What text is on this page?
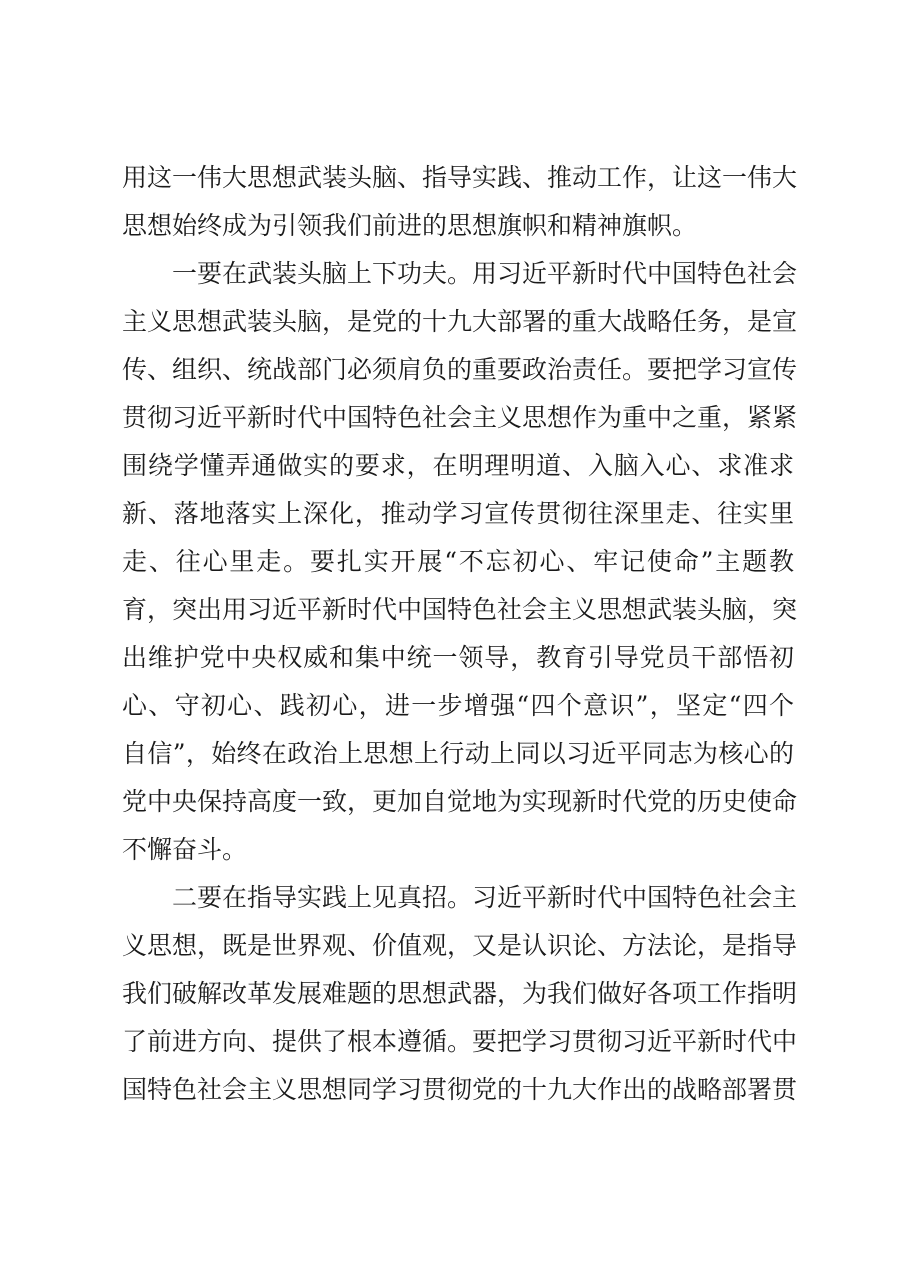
用这一伟大思想武装头脑、指导实践、推动工作，让这一伟大
思想始终成为引领我们前进的思想旗帜和精神旗帜。
一要在武装头脑上下功夫。用习近平新时代中国特色社会
主义思想武装头脑，是党的十九大部署的重大战略任务，是宣
传、组织、统战部门必须肩负的重要政治责任。要把学习宣传
贯彻习近平新时代中国特色社会主义思想作为重中之重，紧紧
围绕学懂弄通做实的要求，在明理明道、入脑入心、求准求
新、落地落实上深化，推动学习宣传贯彻往深里走、往实里
走、往心里走。要扎实开展“不忘初心、牢记使命”主题教
育，突出用习近平新时代中国特色社会主义思想武装头脑，突
出维护党中央权威和集中统一领导，教育引导党员干部悟初
心、守初心、践初心，进一步增强“四个意识”，坚定“四个
自信”，始终在政治上思想上行动上同以习近平同志为核心的
党中央保持高度一致，更加自觉地为实现新时代党的历史使命
不懈奋斗。
二要在指导实践上见真招。习近平新时代中国特色社会主
义思想，既是世界观、价值观，又是认识论、方法论，是指导
我们破解改革发展难题的思想武器，为我们做好各项工作指明
了前进方向、提供了根本遵循。要把学习贯彻习近平新时代中
国特色社会主义思想同学习贯彻党的十九大作出的战略部署贯
